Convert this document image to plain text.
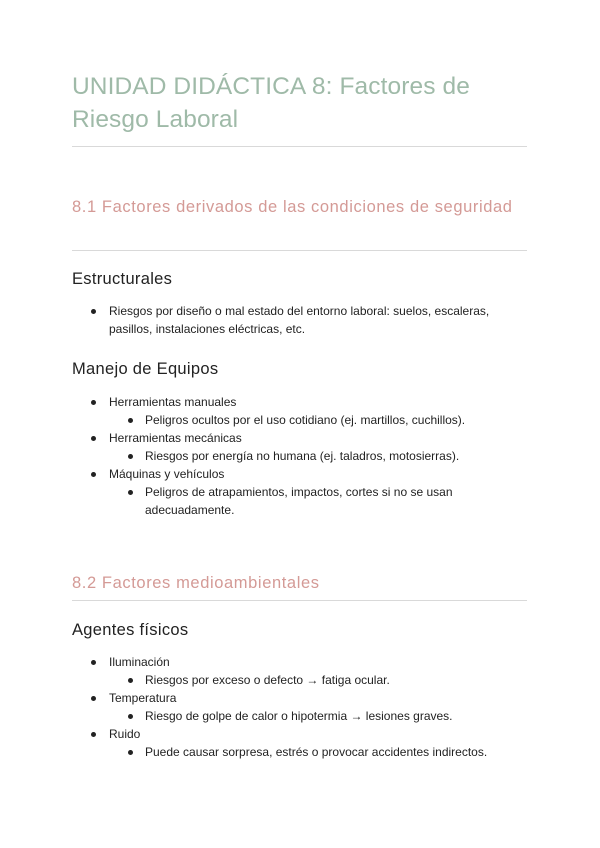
UNIDAD DIDÁCTICA 8: Factores de Riesgo Laboral
8.1 Factores derivados de las condiciones de seguridad
Estructurales
Riesgos por diseño o mal estado del entorno laboral: suelos, escaleras, pasillos, instalaciones eléctricas, etc.
Manejo de Equipos
Herramientas manuales
Peligros ocultos por el uso cotidiano (ej. martillos, cuchillos).
Herramientas mecánicas
Riesgos por energía no humana (ej. taladros, motosierras).
Máquinas y vehículos
Peligros de atrapamientos, impactos, cortes si no se usan adecuadamente.
8.2 Factores medioambientales
Agentes físicos
Iluminación
Riesgos por exceso o defecto → fatiga ocular.
Temperatura
Riesgo de golpe de calor o hipotermia → lesiones graves.
Ruido
Puede causar sorpresa, estrés o provocar accidentes indirectos.
